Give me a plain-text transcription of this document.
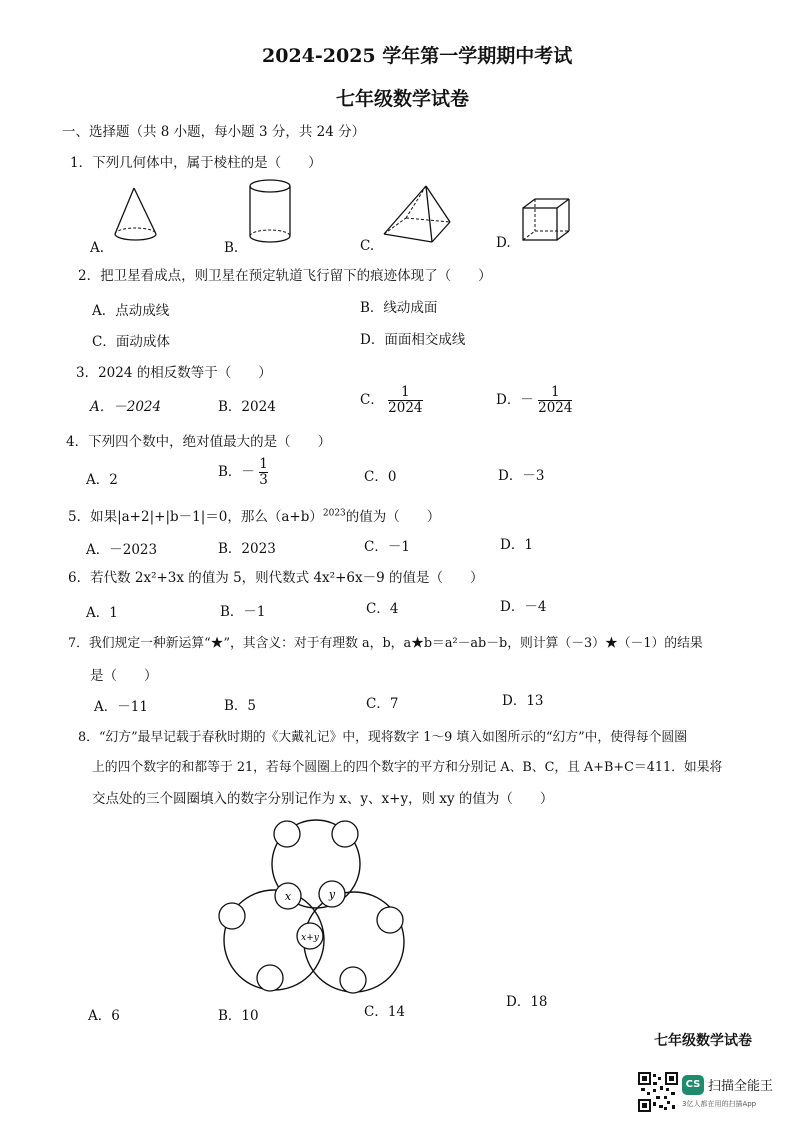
2024-2025 学年第一学期期中考试
七年级数学试卷
一、选择题（共 8 小题，每小题 3 分，共 24 分）
1．下列几何体中，属于棱柱的是（　　）
A.	B.	C.	D.
2．把卫星看成点，则卫星在预定轨道飞行留下的痕迹体现了（　　）
A．点动成线	B．线动成面
C．面动成体	D．面面相交成线
3．2024 的相反数等于（　　）
A．－2024	B．2024	C． $\frac{1}{2024}$	D．－ $\frac{1}{2024}$
4．下列四个数中，绝对值最大的是（　　）
A．2
B．－ $\frac{1}{3}$	C．0	D．－3
5．如果|a+2|+|b－1|＝0，那么$(a+b)^{2023}$的值为（　　）
A．－2023	B．2023	C．－1	D．1
6．若代数 2x²+3x 的值为 5，则代数式 4x²+6x－9 的值是（　　）
A．1	B．－1	C．4	D．－4
7．我们规定一种新运算“★”，其含义：对于有理数 a，b，a★b＝a²－ab－b，则计算（－3）★（－1）的结果
是（　　）
A．－11	B．5	C．7	D．13
8．“幻方”最早记载于春秋时期的《大戴礼记》中，现将数字 1～9 填入如图所示的“幻方”中，使得每个圆圈
上的四个数字的和都等于 21，若每个圆圈上的四个数字的平方和分别记 A、B、C，且 A+B+C＝411．如果将
交点处的三个圆圈填入的数字分别记作为 x、y、x+y，则 xy 的值为（　　）
x	y
x+y
A．6	B．10	C．14
D．18
七年级数学试卷
CS 扫描全能王
3亿人都在用的扫描App
